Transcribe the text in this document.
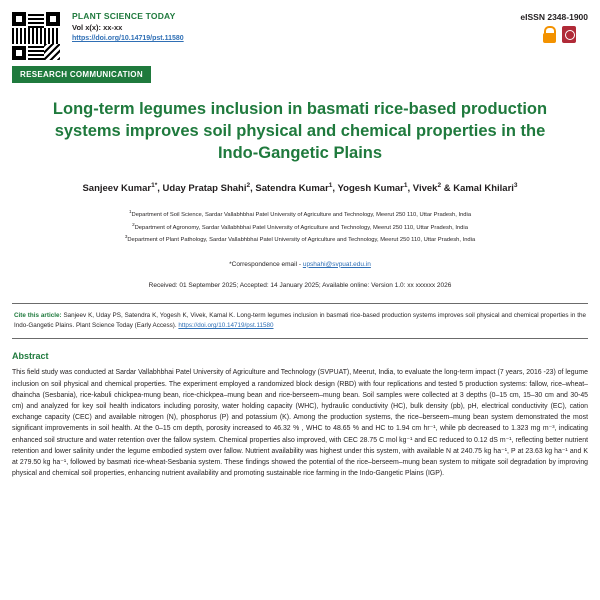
PLANT SCIENCE TODAY
Vol x(x): xx-xx
https://doi.org/10.14719/pst.11580
eISSN 2348-1900
RESEARCH COMMUNICATION
Long-term legumes inclusion in basmati rice-based production systems improves soil physical and chemical properties in the Indo-Gangetic Plains
Sanjeev Kumar$^{1*}$, Uday Pratap Shahi$^2$, Satendra Kumar$^1$, Yogesh Kumar$^1$, Vivek$^2$ & Kamal Khilari$^3$
$^1$Department of Soil Science, Sardar Vallabhbhai Patel University of Agriculture and Technology, Meerut 250 110, Uttar Pradesh, India
$^2$Department of Agronomy, Sardar Vallabhbhai Patel University of Agriculture and Technology, Meerut 250 110, Uttar Pradesh, India
$^3$Department of Plant Pathology, Sardar Vallabhbhai Patel University of Agriculture and Technology, Meerut 250 110, Uttar Pradesh, India
*Correspondence email - upshahi@svpuat.edu.in
Received: 01 September 2025; Accepted: 14 January 2025; Available online: Version 1.0: xx xxxxxx 2026
Cite this article: Sanjeev K, Uday PS, Satendra K, Yogesh K, Vivek, Kamal K. Long-term legumes inclusion in basmati rice-based production systems improves soil physical and chemical properties in the Indo-Gangetic Plains. Plant Science Today (Early Access). https://doi.org/10.14719/pst.11580
Abstract
This field study was conducted at Sardar Vallabhbhai Patel University of Agriculture and Technology (SVPUAT), Meerut, India, to evaluate the long-term impact (7 years, 2016 -23) of legume inclusion on soil physical and chemical properties. The experiment employed a randomized block design (RBD) with four replications and tested 5 production systems: fallow, rice–wheat–dhaincha (Sesbania), rice-kabuli chickpea-mung bean, rice-chickpea–mung bean and rice-berseem–mung bean. Soil samples were collected at 3 depths (0–15 cm, 15–30 cm and 30-45 cm) and analyzed for key soil health indicators including porosity, water holding capacity (WHC), hydraulic conductivity (HC), bulk density (pb), pH, electrical conductivity (EC), cation exchange capacity (CEC) and available nitrogen (N), phosphorus (P) and potassium (K). Among the production systems, the rice–berseem–mung bean system demonstrated the most significant improvements in soil health. At the 0–15 cm depth, porosity increased to 46.32 % , WHC to 48.65 % and HC to 1.94 cm hr⁻¹, while pb decreased to 1.323 mg m⁻³, indicating enhanced soil structure and water retention over the fallow system. Chemical properties also improved, with CEC 28.75 C mol kg⁻¹ and EC reduced to 0.12 dS m⁻¹, reflecting better nutrient retention and lower salinity under the legume embodied system over fallow. Nutrient availability was highest under this system, with available N at 240.75 kg ha⁻¹, P at 23.63 kg ha⁻¹ and K at 279.50 kg ha⁻¹, followed by basmati rice-wheat-Sesbania system. These findings showed the potential of the rice–berseem–mung bean system to mitigate soil degradation by improving physical and chemical soil properties, enhancing nutrient availability and promoting sustainable rice farming in the Indo-Gangetic Plains (IGP).
